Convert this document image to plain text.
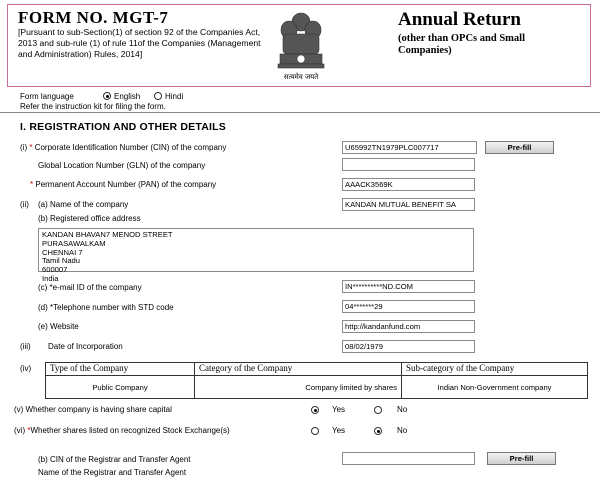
FORM NO. MGT-7
[Pursuant to sub-Section(1) of section 92 of the Companies Act, 2013 and sub-rule (1) of rule 11of the Companies (Management and Administration) Rules, 2014]
सत्यमेव जयते
Annual Return
(other than OPCs and Small Companies)
Form language	English	Hindi
Refer the instruction kit for filing the form.
I. REGISTRATION AND OTHER DETAILS
(i) * Corporate Identification Number (CIN) of the company	U65992TN1979PLC007717	Pre-fill
Global Location Number (GLN) of the company
* Permanent Account Number (PAN) of the company	AAACK3569K
(ii) (a) Name of the company	KANDAN MUTUAL BENEFIT SA
(b) Registered office address
KANDAN BHAVAN7 MENOD STREET
PURASAWALKAM
CHENNAI 7
Tamil Nadu
600007
India
(c) *e-mail ID of the company	IN**********ND.COM
(d) *Telephone number with STD code	04*******29
(e) Website	http://kandanfund.com
(iii) Date of Incorporation	08/02/1979
(iv) Type of the Company	Category of the Company	Sub-category of the Company
Public Company	Company limited by shares	Indian Non-Government company
(v) Whether company is having share capital	Yes	No
(vi) *Whether shares listed on recognized Stock Exchange(s)	Yes	No
(b) CIN of the Registrar and Transfer Agent	Pre-fill
Name of the Registrar and Transfer Agent
